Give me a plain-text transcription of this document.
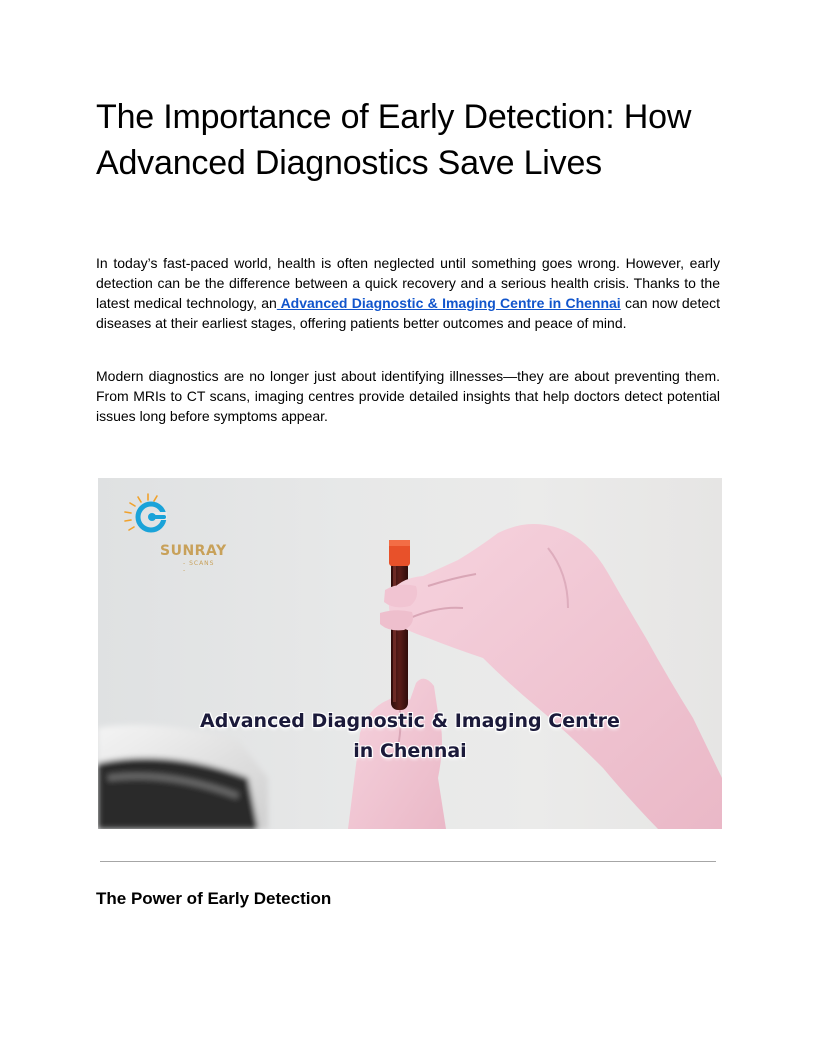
The Importance of Early Detection: How Advanced Diagnostics Save Lives

In today’s fast-paced world, health is often neglected until something goes wrong. However, early detection can be the difference between a quick recovery and a serious health crisis. Thanks to the latest medical technology, an Advanced Diagnostic & Imaging Centre in Chennai can now detect diseases at their earliest stages, offering patients better outcomes and peace of mind.

Modern diagnostics are no longer just about identifying illnesses—they are about preventing them. From MRIs to CT scans, imaging centres provide detailed insights that help doctors detect potential issues long before symptoms appear.

SUNRAY
- SCANS -
Advanced Diagnostic & Imaging Centre
in Chennai
The Power of Early Detection
